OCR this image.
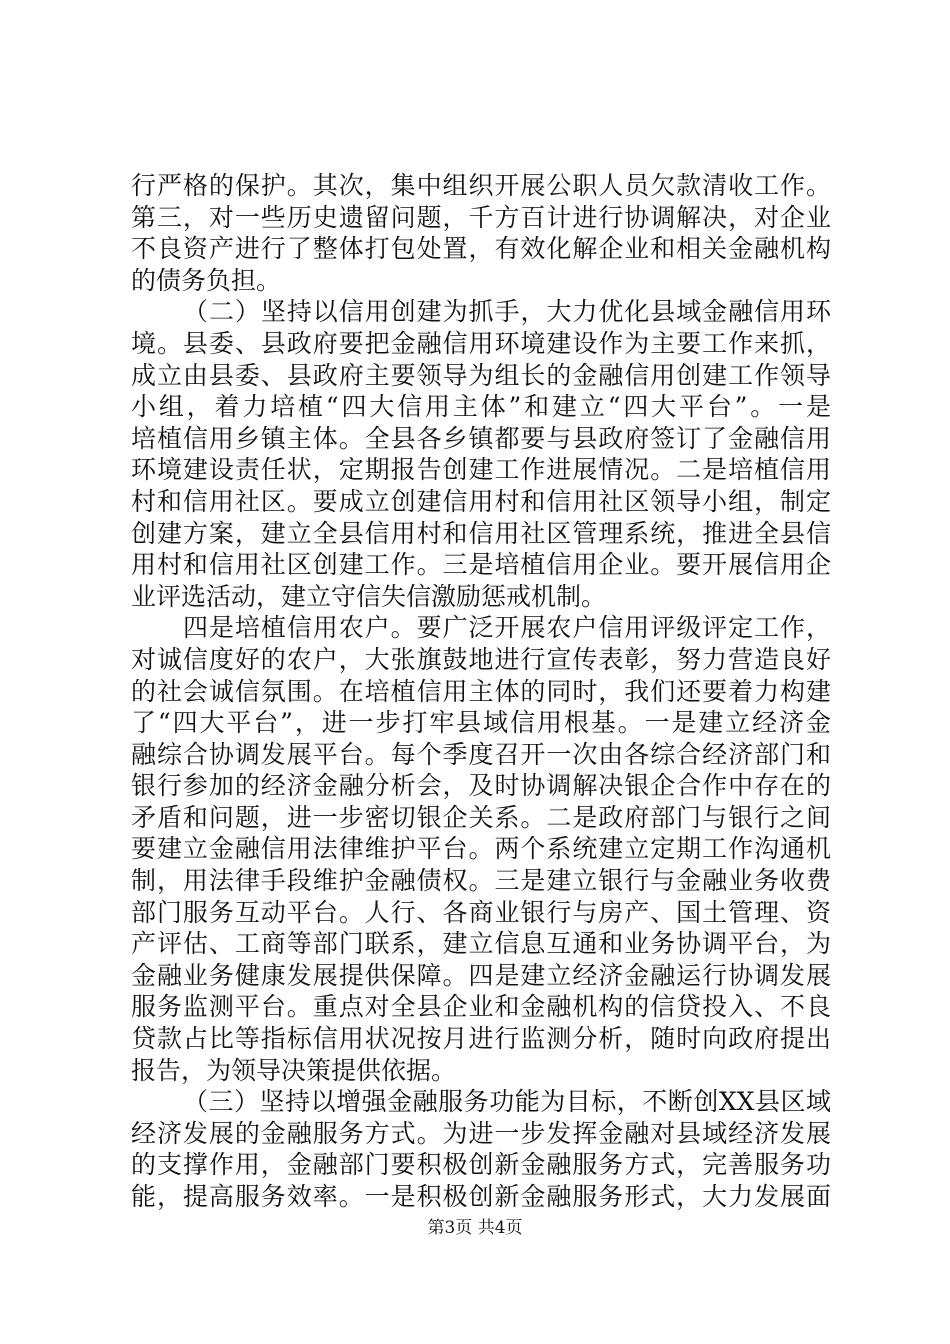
行严格的保护。其次，集中组织开展公职人员欠款清收工作。
第三，对一些历史遗留问题，千方百计进行协调解决，对企业
不良资产进行了整体打包处置，有效化解企业和相关金融机构
的债务负担。
（二）坚持以信用创建为抓手，大力优化县域金融信用环
境。县委、县政府要把金融信用环境建设作为主要工作来抓，
成立由县委、县政府主要领导为组长的金融信用创建工作领导
小组，着力培植“四大信用主体”和建立“四大平台”。一是
培植信用乡镇主体。全县各乡镇都要与县政府签订了金融信用
环境建设责任状，定期报告创建工作进展情况。二是培植信用
村和信用社区。要成立创建信用村和信用社区领导小组，制定
创建方案，建立全县信用村和信用社区管理系统，推进全县信
用村和信用社区创建工作。三是培植信用企业。要开展信用企
业评选活动，建立守信失信激励惩戒机制。
四是培植信用农户。要广泛开展农户信用评级评定工作，
对诚信度好的农户，大张旗鼓地进行宣传表彰，努力营造良好
的社会诚信氛围。在培植信用主体的同时，我们还要着力构建
了“四大平台”，进一步打牢县域信用根基。一是建立经济金
融综合协调发展平台。每个季度召开一次由各综合经济部门和
银行参加的经济金融分析会，及时协调解决银企合作中存在的
矛盾和问题，进一步密切银企关系。二是政府部门与银行之间
要建立金融信用法律维护平台。两个系统建立定期工作沟通机
制，用法律手段维护金融债权。三是建立银行与金融业务收费
部门服务互动平台。人行、各商业银行与房产、国土管理、资
产评估、工商等部门联系，建立信息互通和业务协调平台，为
金融业务健康发展提供保障。四是建立经济金融运行协调发展
服务监测平台。重点对全县企业和金融机构的信贷投入、不良
贷款占比等指标信用状况按月进行监测分析，随时向政府提出
报告，为领导决策提供依据。
（三）坚持以增强金融服务功能为目标，不断创XX县区域
经济发展的金融服务方式。为进一步发挥金融对县域经济发展
的支撑作用，金融部门要积极创新金融服务方式，完善服务功
能，提高服务效率。一是积极创新金融服务形式，大力发展面
第3页 共4页
